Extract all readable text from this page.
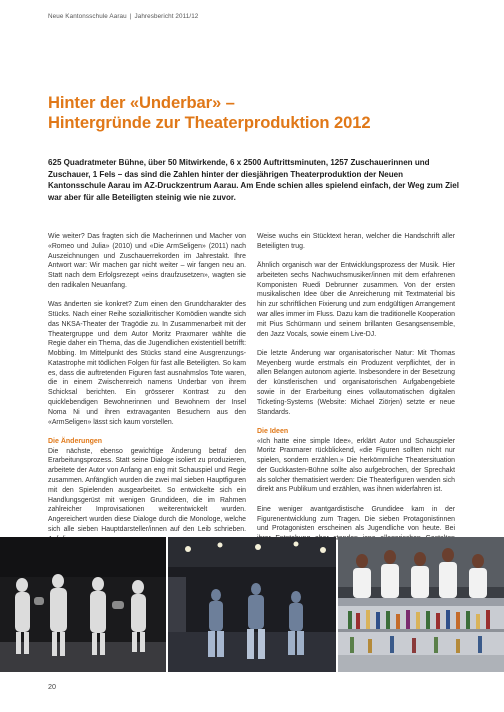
Neue Kantonsschule Aarau | Jahresbericht 2011/12
Hinter der «Underbar» –
Hintergründe zur Theaterproduktion 2012
625 Quadratmeter Bühne, über 50 Mitwirkende, 6 x 2500 Auftrittsminuten, 1257 Zuschauerinnen und Zuschauer, 1 Fels – das sind die Zahlen hinter der diesjährigen Theaterproduktion der Neuen Kantonsschule Aarau im AZ-Druckzentrum Aarau. Am Ende schien alles spielend einfach, der Weg zum Ziel war aber für alle Beteiligten steinig wie nie zuvor.

Wie weiter? Das fragten sich die Macherinnen und Macher von «Romeo und Julia» (2010) und «Die ArmSeligen» (2011) nach Auszeichnungen und Zuschauerrekorden im Jahrestakt. Ihre Antwort war: Wir machen gar nicht weiter – wir fangen neu an. Statt nach dem Erfolgsrezept «eins draufzusetzen», wagten sie den radikalen Neuanfang.

Was änderten sie konkret? Zum einen den Grundcharakter des Stücks. Nach einer Reihe sozialkritischer Komödien wandte sich das NKSA-Theater der Tragödie zu. In Zusammenarbeit mit der Theatergruppe und dem Autor Moritz Praxmarer wählte die Regie daher ein Thema, das die Jugendlichen existentiell betrifft: Mobbing. Im Mittelpunkt des Stücks stand eine Ausgrenzungs-Katastrophe mit tödlichen Folgen für fast alle Beteiligten. So kam es, dass die auftretenden Figuren fast ausnahmslos Tote waren, die in einem Zwischenreich namens Underbar von ihrem Schicksal berichten. Ein grösserer Kontrast zu den quicklebendigen Bewohnerinnen und Bewohnern der Insel Noma Ni und ihren extravaganten Besuchern aus den «ArmSeligen» lässt sich kaum vorstellen.

Die Änderungen

Die nächste, ebenso gewichtige Änderung betraf den Erarbeitungsprozess. Statt seine Dialoge isoliert zu produzieren, arbeitete der Autor von Anfang an eng mit Schauspiel und Regie zusammen. Anfänglich wurden die zwei mal sieben Hauptfiguren mit den Spielenden ausgearbeitet. So entwickelte sich ein Handlungsgerüst mit wenigen Grundideen, die im Rahmen zahlreicher Improvisationen weiterentwickelt wurden. Angereichert wurden diese Dialoge durch die Monologe, welche sich alle sieben Hauptdarsteller/innen auf den Leib schrieben.

Weise wuchs ein Stücktext heran, welcher die Handschrift aller Beteiligten trug.

Ähnlich organisch war der Entwicklungsprozess der Musik. Hier arbeiteten sechs Nachwuchsmusiker/innen mit dem erfahrenen Komponisten Ruedi Debrunner zusammen. Von der ersten musikalischen Idee über die Anreicherung mit Textmaterial bis hin zur schriftlichen Fixierung und zum endgültigen Arrangement war alles immer im Fluss. Dazu kam die traditionelle Kooperation mit Pius Schürmann und seinem brillanten Gesangsensemble, den Jazz Vocals, sowie einem Live-DJ.

Die letzte Änderung war organisatorischer Natur: Mit Thomas Meyenberg wurde erstmals ein Produzent verpflichtet, der in allen Belangen autonom agierte. Insbesondere in der Besetzung der künstlerischen und organisatorischen Aufgabengebiete sowie in der Erarbeitung eines vollautomatischen digitalen Ticketing-Systems (Website: Michael Ziörjen) setzte er neue Standards.

Die Ideen

«Ich hatte eine simple Idee», erklärt Autor und Schauspieler Moritz Praxmarer rückblickend, «die Figuren sollten nicht nur spielen, sondern erzählen.» Die herkömmliche Theatersituation der Guckkasten-Bühne sollte also aufgebrochen, der Sprechakt als solcher thematisiert werden: Die Theaterfiguren wenden sich direkt ans Publikum und erzählen, was ihnen widerfahren ist.

Eine weniger avantgardistische Grundidee kam in der Figurenentwicklung zum Tragen. Die sieben Protagonistinnen und Protagonisten erscheinen als Jugendliche von heute. Bei

20
